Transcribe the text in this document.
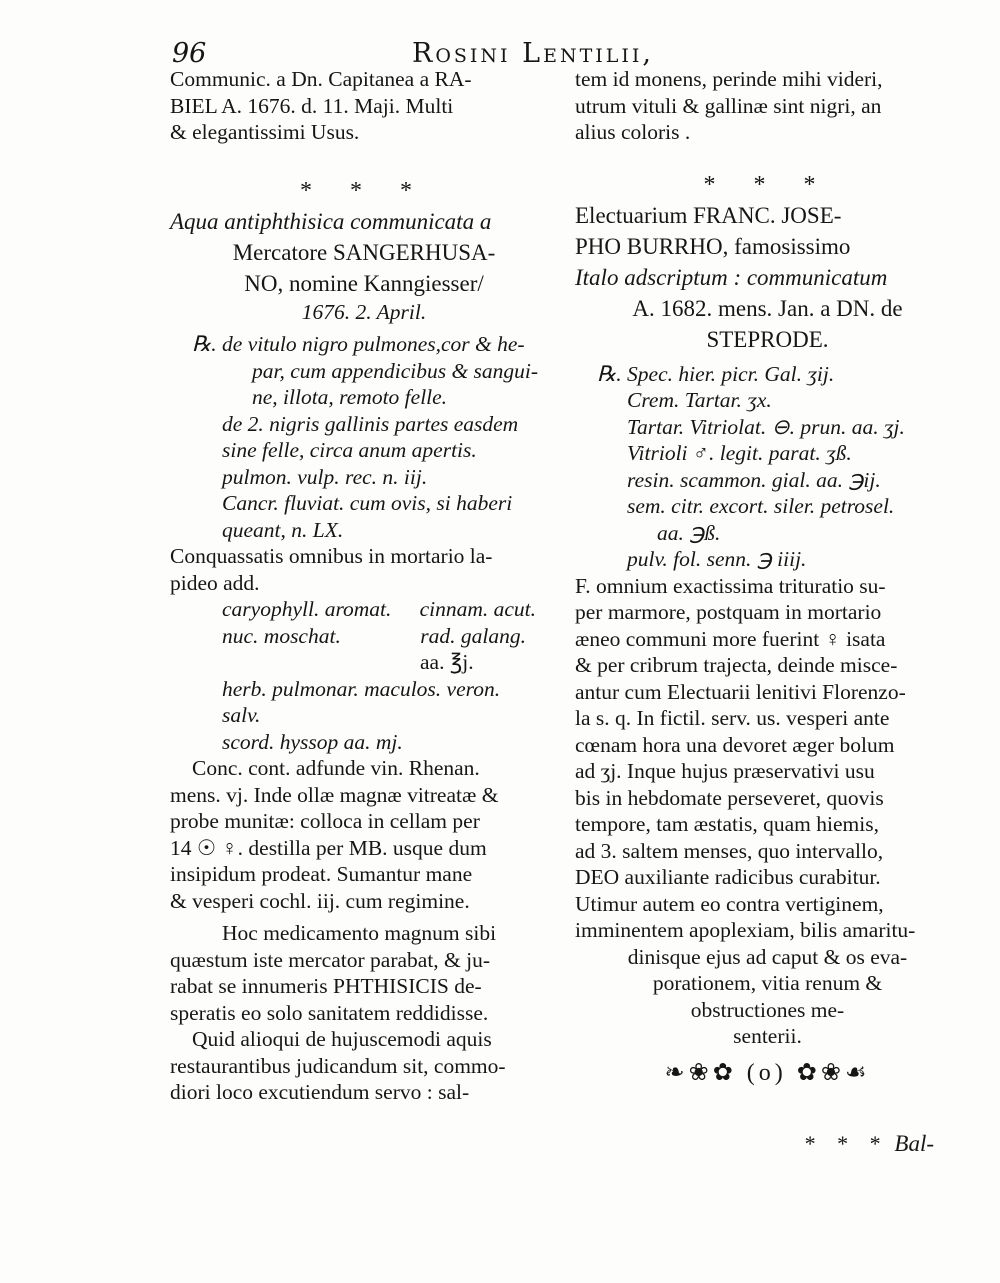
96	Rosini Lentilii,
Communic. a Dn. Capitanea a RA-
BIEL A. 1676. d. 11. Maji. Multi
& elegantissimi Usus.
* * *
Aqua antiphthisica communicata a
Mercatore SANGERHUSA-
NO, nomine Kanngiesser/
1676. 2. April.
℞. de vitulo nigro pulmones,cor & he-
par, cum appendicibus & sangui-
ne, illota, remoto felle.
de 2. nigris gallinis partes easdem
sine felle, circa anum apertis.
pulmon. vulp. rec. n. iij.
Cancr. fluviat. cum ovis, si haberi
queant, n. LX.
Conquassatis omnibus in mortario la-
pideo add.
caryophyll. aromat. cinnam. acut.
nuc. moschat.	rad. galang.
aa. ℥j.
herb. pulmonar. maculos. veron.
salv.
scord. hyssop aa. mj.
Conc. cont. adfunde vin. Rhenan.
mens. vj. Inde ollæ magnæ vitreatæ &
probe munitæ: colloca in cellam per
14 ☉ ♀. destilla per MB. usque dum
insipidum prodeat. Sumantur mane
& vesperi cochl. iij. cum regimine.
Hoc medicamento magnum sibi
quæstum iste mercator parabat, & ju-
rabat se innumeris PHTHISICIS de-
speratis eo solo sanitatem reddidisse.
Quid alioqui de hujuscemodi aquis
restaurantibus judicandum sit, commo-
diori loco excutiendum servo : sal-
tem id monens, perinde mihi videri,
utrum vituli & gallinæ sint nigri, an
alius coloris .
* * *
Electuarium FRANC. JOSE-
PHO BURRHO, famosissimo
Italo adscriptum : communicatum
A. 1682. mens. Jan. a DN. de
STEPRODE.
℞. Spec. hier. picr. Gal. ʒij.
Crem. Tartar. ʒx.
Tartar. Vitriolat. ⊖. prun. aa. ʒj.
Vitrioli ♂. legit. parat. ʒß.
resin. scammon. gial. aa. ℈ij.
sem. citr. excort. siler. petrosel.
aa. ℈ß.
pulv. fol. senn. ℈ iiij.
F. omnium exactissima trituratio su-
per marmore, postquam in mortario
æneo communi more fuerint ♀ isata
& per cribrum trajecta, deinde misce-
antur cum Electuarii lenitivi Florenzo-
la s. q. In fictil. serv. us. vesperi ante
cœnam hora una devoret æger bolum
ad ʒj. Inque hujus præservativi usu
bis in hebdomate perseveret, quovis
tempore, tam æstatis, quam hiemis,
ad 3. saltem menses, quo intervallo,
DEO auxiliante radicibus curabitur.
Utimur autem eo contra vertiginem,
imminentem apoplexiam, bilis amaritu-
dinisque ejus ad caput & os eva-
porationem, vitia renum &
obstructiones me-
senterii.
❧❀✿ (o) ✿❀☙
* * * Bal-
